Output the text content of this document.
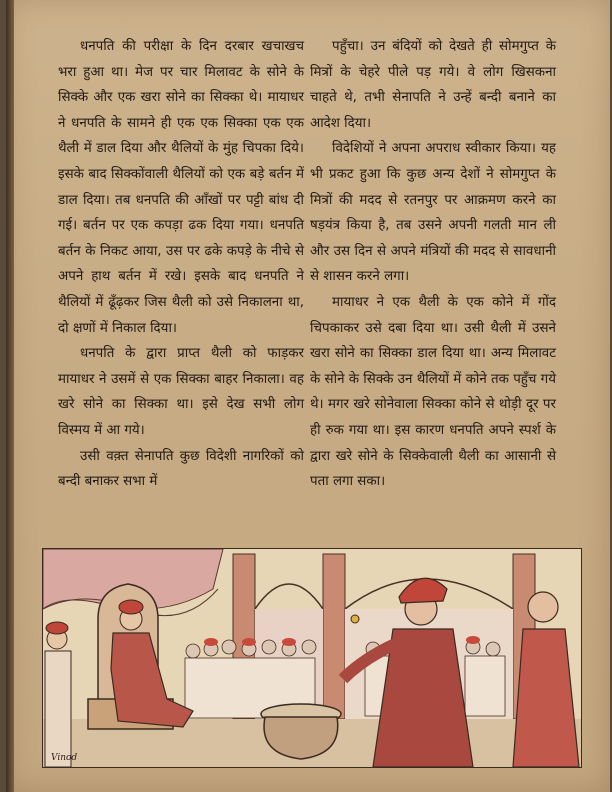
धनपति की परीक्षा के दिन दरबार खचाखच भरा हुआ था। मेज पर चार मिलावट के सोने के सिक्के और एक खरा सोने का सिक्का थे। मायाधर ने धनपति के सामने ही एक एक सिक्का एक एक थैली में डाल दिया और थैलियों के मुंह चिपका दिये। इसके बाद सिक्कोंवाली थैलियों को एक बड़े बर्तन में डाल दिया। तब धनपति की आँखों पर पट्टी बांध दी गई। बर्तन पर एक कपड़ा ढक दिया गया। धनपति बर्तन के निकट आया, उस पर ढके कपड़े के नीचे से अपने हाथ बर्तन में रखे। इसके बाद धनपति ने थैलियों में ढूँढ़कर जिस थैली को उसे निकालना था, दो क्षणों में निकाल दिया।

धनपति के द्वारा प्राप्त थैली को फाड़कर मायाधर ने उसमें से एक सिक्का बाहर निकाला। वह खरे सोने का सिक्का था। इसे देख सभी लोग विस्मय में आ गये।

उसी वक़्त सेनापति कुछ विदेशी नागरिकों को बन्दी बनाकर सभा में

पहुँचा। उन बंदियों को देखते ही सोमगुप्त के मित्रों के चेहरे पीले पड़ गये। वे लोग खिसकना चाहते थे, तभी सेनापति ने उन्हें बन्दी बनाने का आदेश दिया।

विदेशियों ने अपना अपराध स्वीकार किया। यह भी प्रकट हुआ कि कुछ अन्य देशों ने सोमगुप्त के मित्रों की मदद से रतनपुर पर आक्रमण करने का षड़यंत्र किया है, तब उसने अपनी गलती मान ली और उस दिन से अपने मंत्रियों की मदद से सावधानी से शासन करने लगा।

मायाधर ने एक थैली के एक कोने में गोंद चिपकाकर उसे दबा दिया था। उसी थैली में उसने खरा सोने का सिक्का डाल दिया था। अन्य मिलावट के सोने के सिक्के उन थैलियों में कोने तक पहुँच गये थे। मगर खरे सोनेवाला सिक्का कोने से थोड़ी दूर पर ही रुक गया था। इस कारण धनपति अपने स्पर्श के द्वारा खरे सोने के सिक्केवाली थैली का आसानी से पता लगा सका।

Vinod
